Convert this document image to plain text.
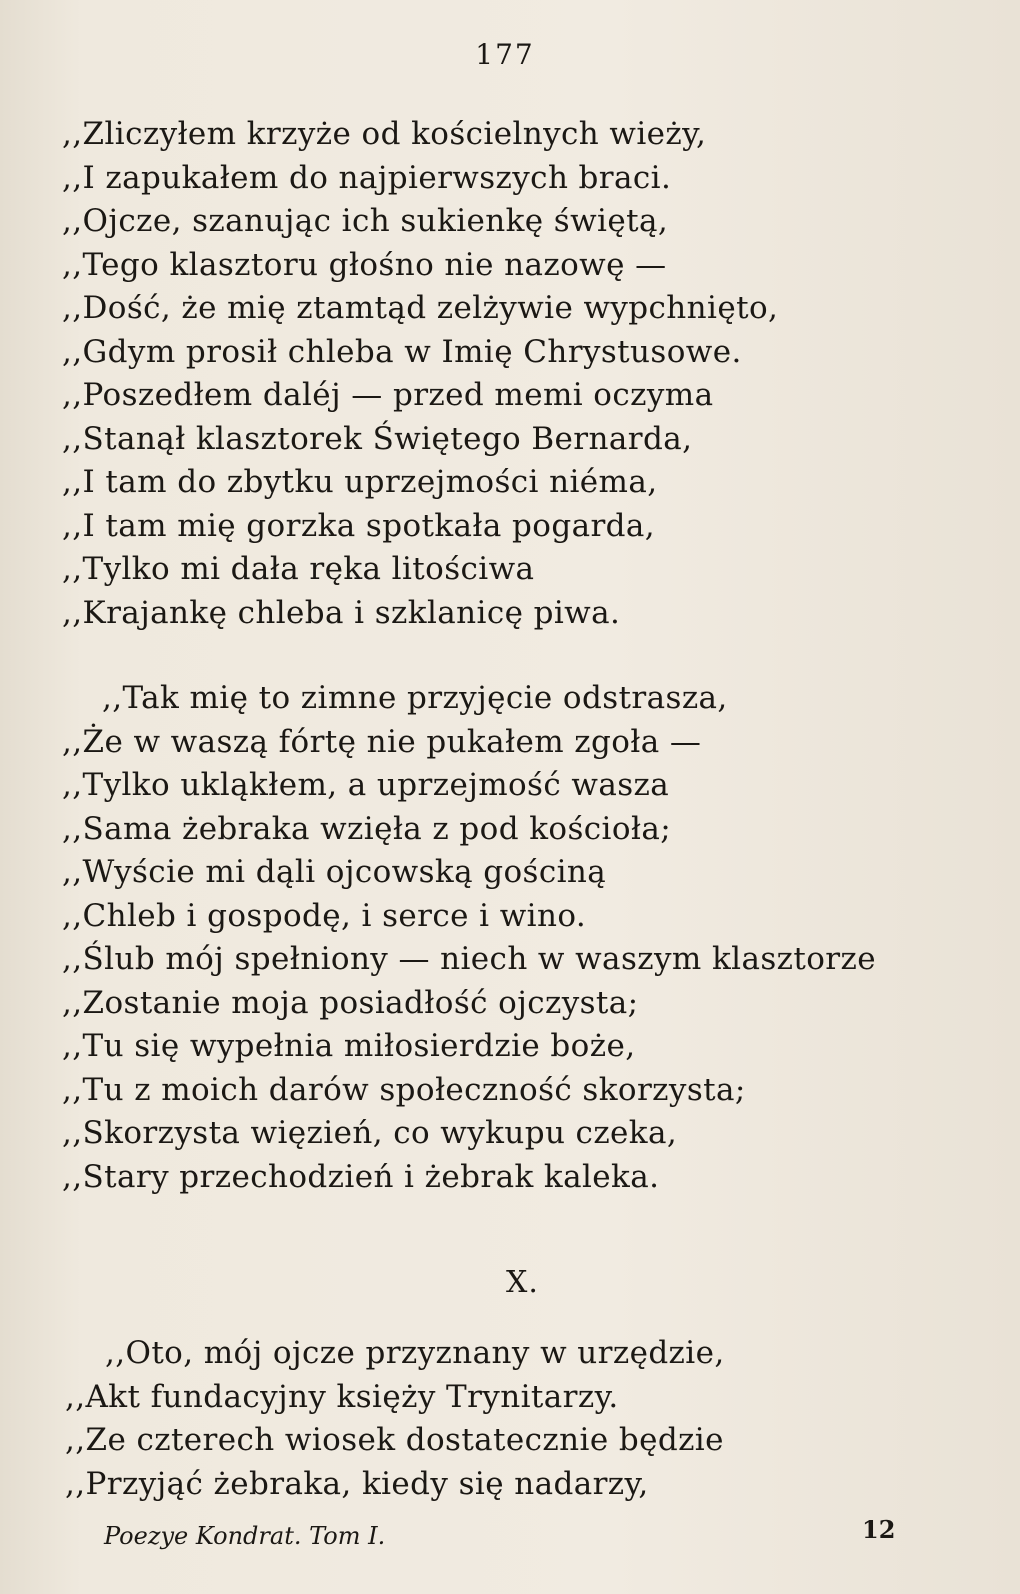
177
,,Zliczyłem krzyże od kościelnych wieży,
,,I zapukałem do najpierwszych braci.
,,Ojcze, szanując ich sukienkę świętą,
,,Tego klasztoru głośno nie nazowę —
,,Dość, że mię ztamtąd zelżywie wypchnięto,
,,Gdym prosił chleba w Imię Chrystusowe.
,,Poszedłem daléj — przed memi oczyma
,,Stanął klasztorek Świętego Bernarda,
,,I tam do zbytku uprzejmości niéma,
,,I tam mię gorzka spotkała pogarda,
,,Tylko mi dała ręka litościwa
,,Krajankę chleba i szklanicę piwa.
,,Tak mię to zimne przyjęcie odstrasza,
,,Że w waszą fórtę nie pukałem zgoła —
,,Tylko ukląkłem, a uprzejmość wasza
,,Sama żebraka wzięła z pod kościoła;
,,Wyście mi dąli ojcowską gościną
,,Chleb i gospodę, i serce i wino.
,,Ślub mój spełniony — niech w waszym klasztorze
,,Zostanie moja posiadłość ojczysta;
,,Tu się wypełnia miłosierdzie boże,
,,Tu z moich darów społeczność skorzysta;
,,Skorzysta więzień, co wykupu czeka,
,,Stary przechodzień i żebrak kaleka.
X.
,,Oto, mój ojcze przyznany w urzędzie,
,,Akt fundacyjny księży Trynitarzy.
,,Ze czterech wiosek dostatecznie będzie
,,Przyjąć żebraka, kiedy się nadarzy,
Poezye Kondrat. Tom I.	12
